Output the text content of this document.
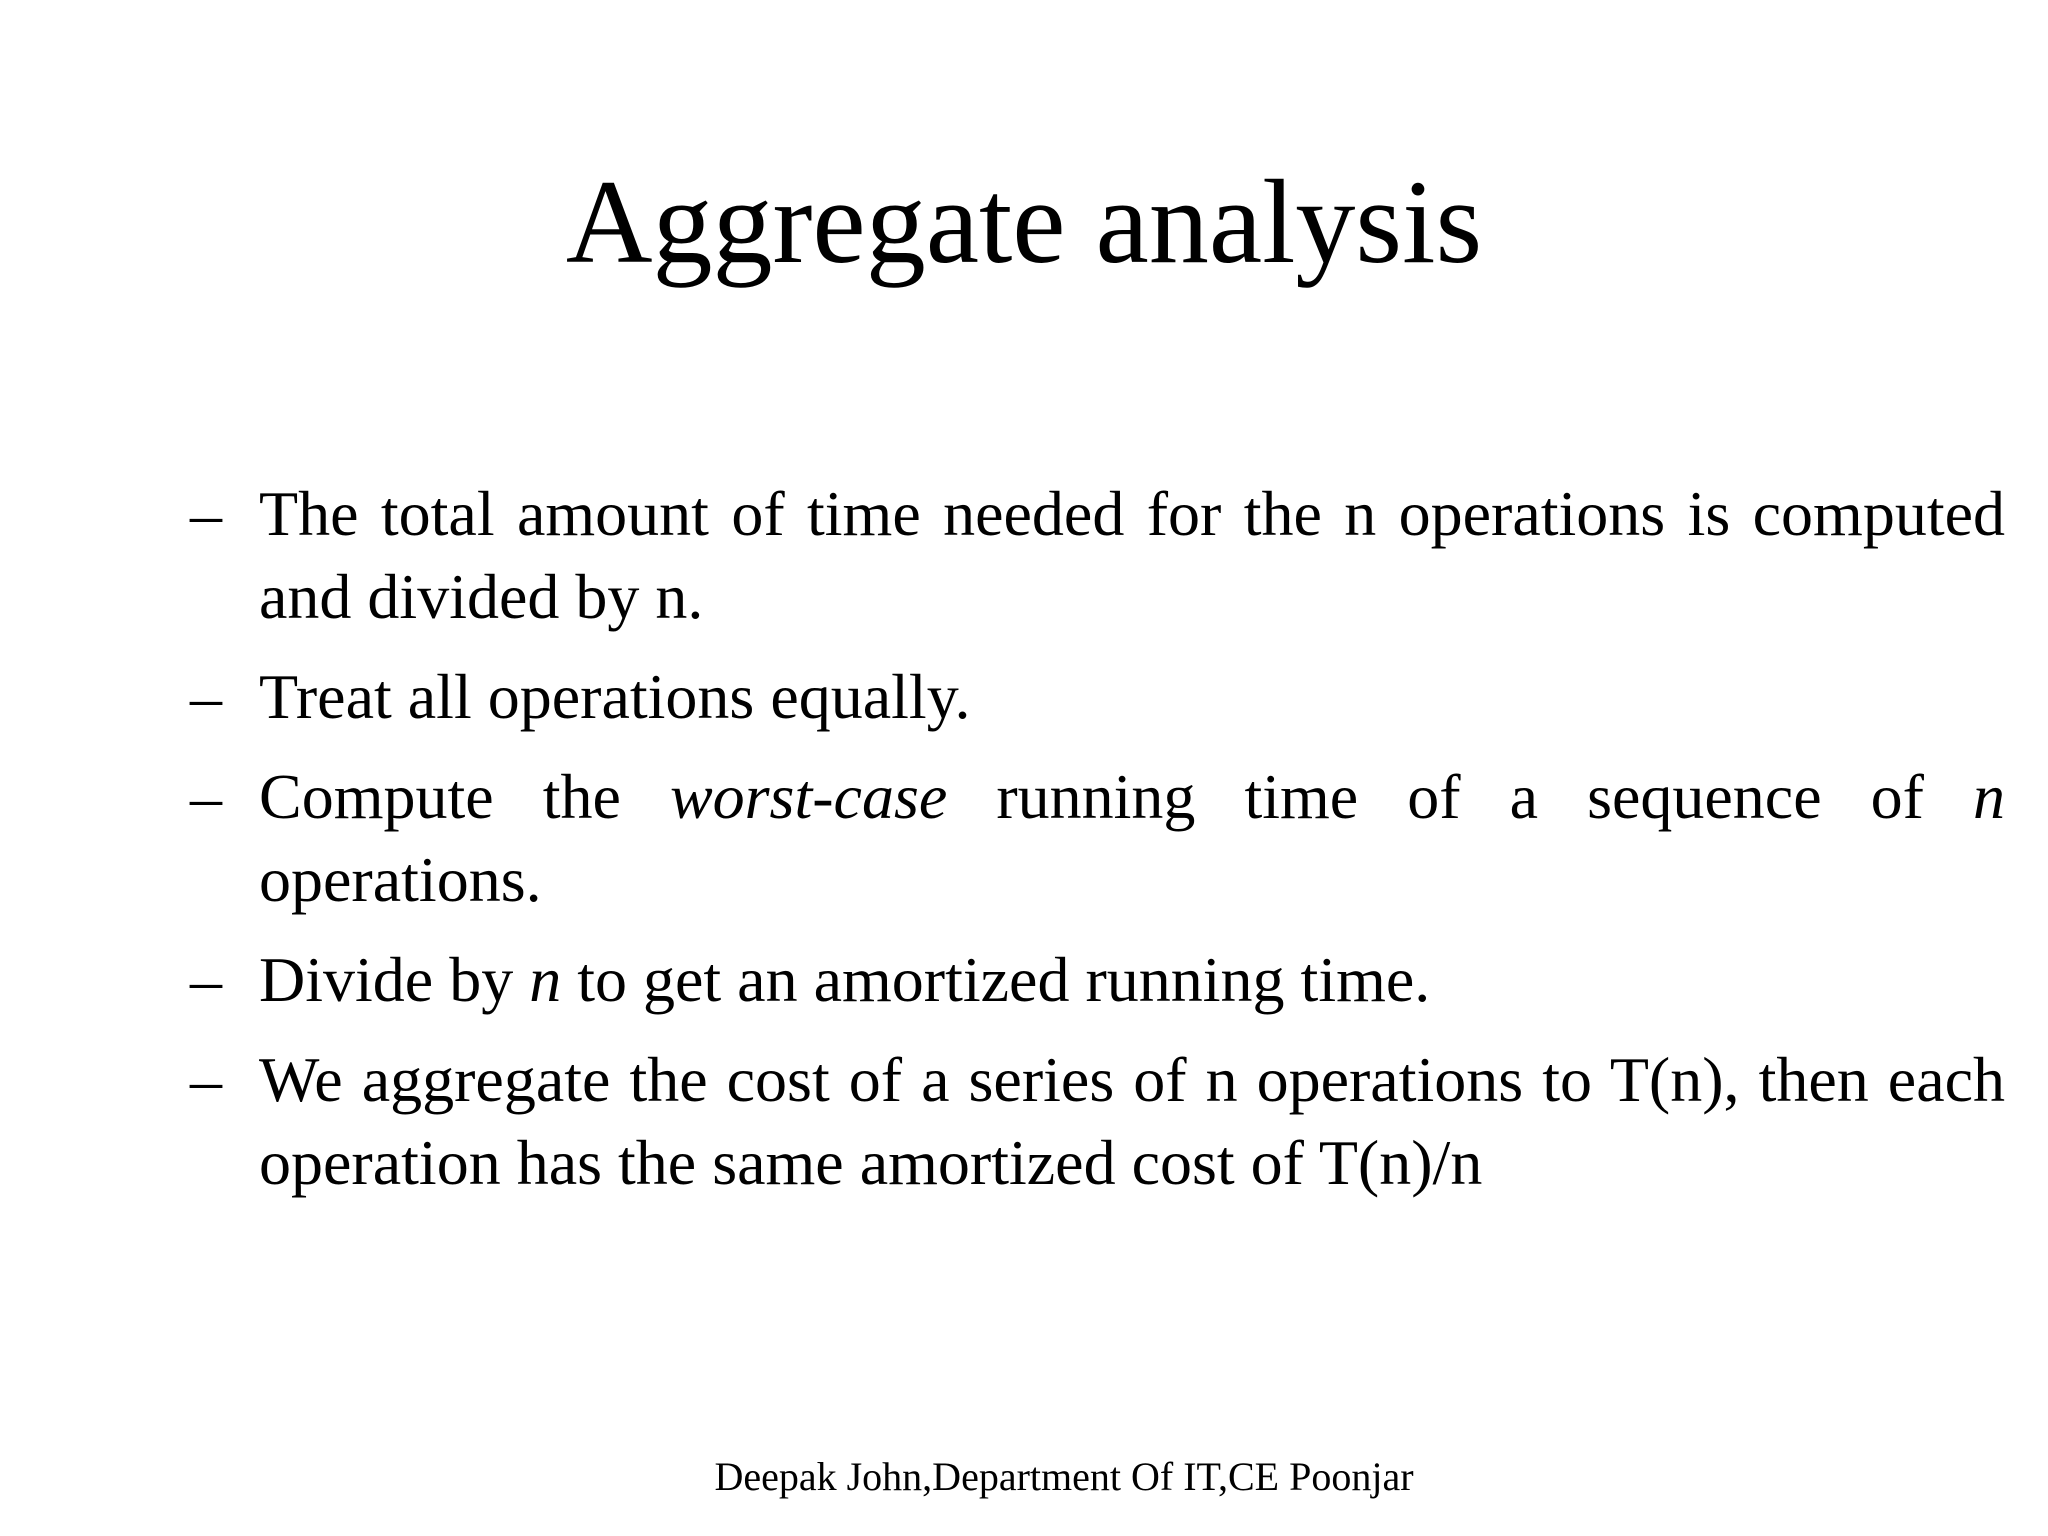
Aggregate analysis
– The total amount of time needed for the n operations is computed and divided by n.
– Treat all operations equally.
– Compute the worst-case running time of a sequence of n operations.
– Divide by n to get an amortized running time.
– We aggregate the cost of a series of n operations to T(n), then each operation has the same amortized cost of T(n)/n
Deepak John,Department Of IT,CE Poonjar
